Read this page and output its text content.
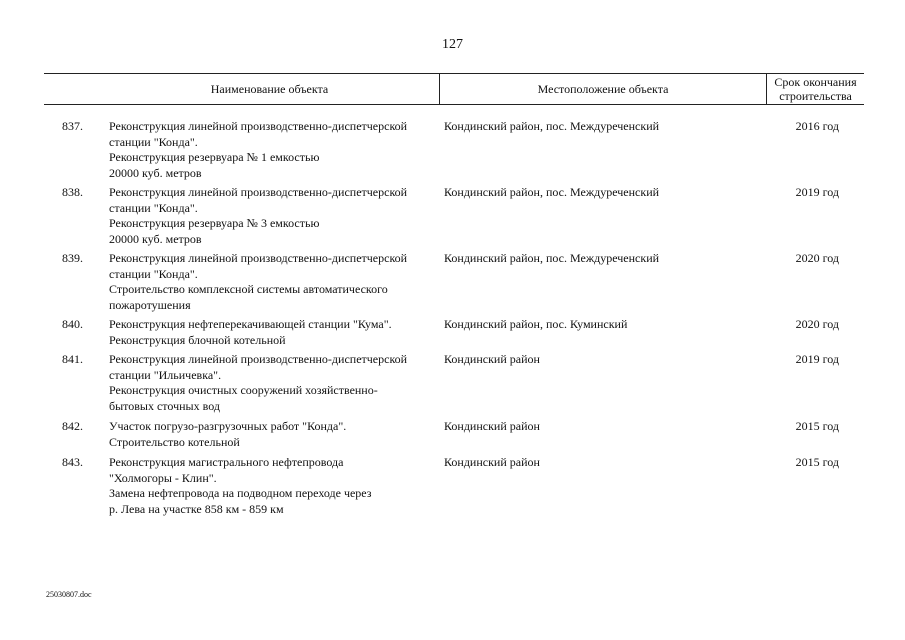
127
Наименование объекта	Местоположение объекта	Срок окончания строительства
837. Реконструкция линейной производственно-диспетчерской
станции "Конда".
Реконструкция резервуара № 1 емкостью
20000 куб. метров
Кондинский район, пос. Междуреченский	2016 год
838. Реконструкция линейной производственно-диспетчерской
станции "Конда".
Реконструкция резервуара № 3 емкостью
20000 куб. метров
Кондинский район, пос. Междуреченский	2019 год
839. Реконструкция линейной производственно-диспетчерской
станции "Конда".
Строительство комплексной системы автоматического
пожаротушения
Кондинский район, пос. Междуреченский	2020 год
840. Реконструкция нефтеперекачивающей станции "Кума".
Реконструкция блочной котельной
Кондинский район, пос. Куминский	2020 год
841. Реконструкция линейной производственно-диспетчерской
станции "Ильичевка".
Реконструкция очистных сооружений хозяйственно-
бытовых сточных вод
Кондинский район	2019 год
842. Участок погрузо-разгрузочных работ "Конда".
Строительство котельной
Кондинский район	2015 год
843. Реконструкция магистрального нефтепровода
"Холмогоры - Клин".
Замена нефтепровода на подводном переходе через
р. Лева на участке 858 км - 859 км
Кондинский район	2015 год
25030807.doc
